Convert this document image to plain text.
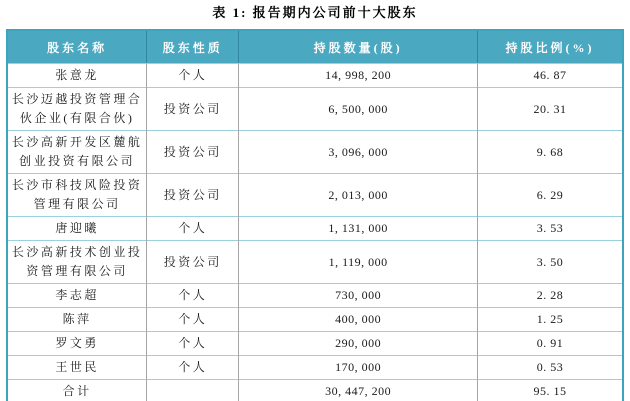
表 1: 报告期内公司前十大股东
股东名称	股东性质	持股数量(股)	持股比例(%)
张意龙	个人	14, 998, 200	46. 87
长沙迈越投资管理合伙企业(有限合伙)	投资公司	6, 500, 000	20. 31
长沙高新开发区麓航创业投资有限公司	投资公司	3, 096, 000	9. 68
长沙市科技风险投资管理有限公司	投资公司	2, 013, 000	6. 29
唐迎曦	个人	1, 131, 000	3. 53
长沙高新技术创业投资管理有限公司	投资公司	1, 119, 000	3. 50
李志超	个人	730, 000	2. 28
陈萍	个人	400, 000	1. 25
罗文勇	个人	290, 000	0. 91
王世民	个人	170, 000	0. 53
合计		30, 447, 200	95. 15
